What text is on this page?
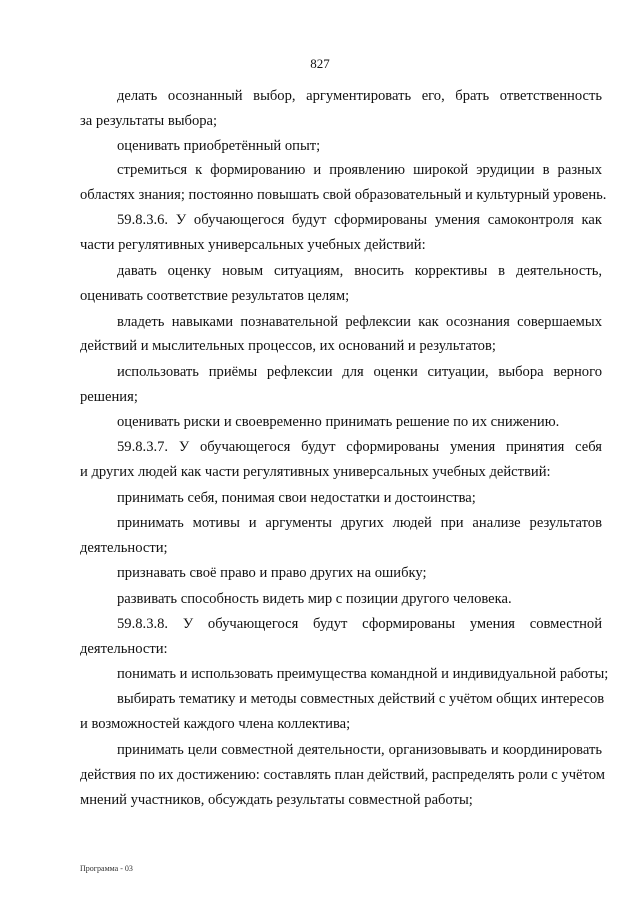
827
делать осознанный выбор, аргументировать его, брать ответственность
за результаты выбора;
оценивать приобретённый опыт;
стремиться к формированию и проявлению широкой эрудиции в разных
областях знания; постоянно повышать свой образовательный и культурный уровень.
59.8.3.6. У обучающегося будут сформированы умения самоконтроля как
части регулятивных универсальных учебных действий:
давать оценку новым ситуациям, вносить коррективы в деятельность,
оценивать соответствие результатов целям;
владеть навыками познавательной рефлексии как осознания совершаемых
действий и мыслительных процессов, их оснований и результатов;
использовать приёмы рефлексии для оценки ситуации, выбора верного
решения;
оценивать риски и своевременно принимать решение по их снижению.
59.8.3.7. У обучающегося будут сформированы умения принятия себя
и других людей как части регулятивных универсальных учебных действий:
принимать себя, понимая свои недостатки и достоинства;
принимать мотивы и аргументы других людей при анализе результатов
деятельности;
признавать своё право и право других на ошибку;
развивать способность видеть мир с позиции другого человека.
59.8.3.8. У обучающегося будут сформированы умения совместной
деятельности:
понимать и использовать преимущества командной и индивидуальной работы;
выбирать тематику и методы совместных действий с учётом общих интересов
и возможностей каждого члена коллектива;
принимать цели совместной деятельности, организовывать и координировать
действия по их достижению: составлять план действий, распределять роли с учётом
мнений участников, обсуждать результаты совместной работы;
Программа - 03
